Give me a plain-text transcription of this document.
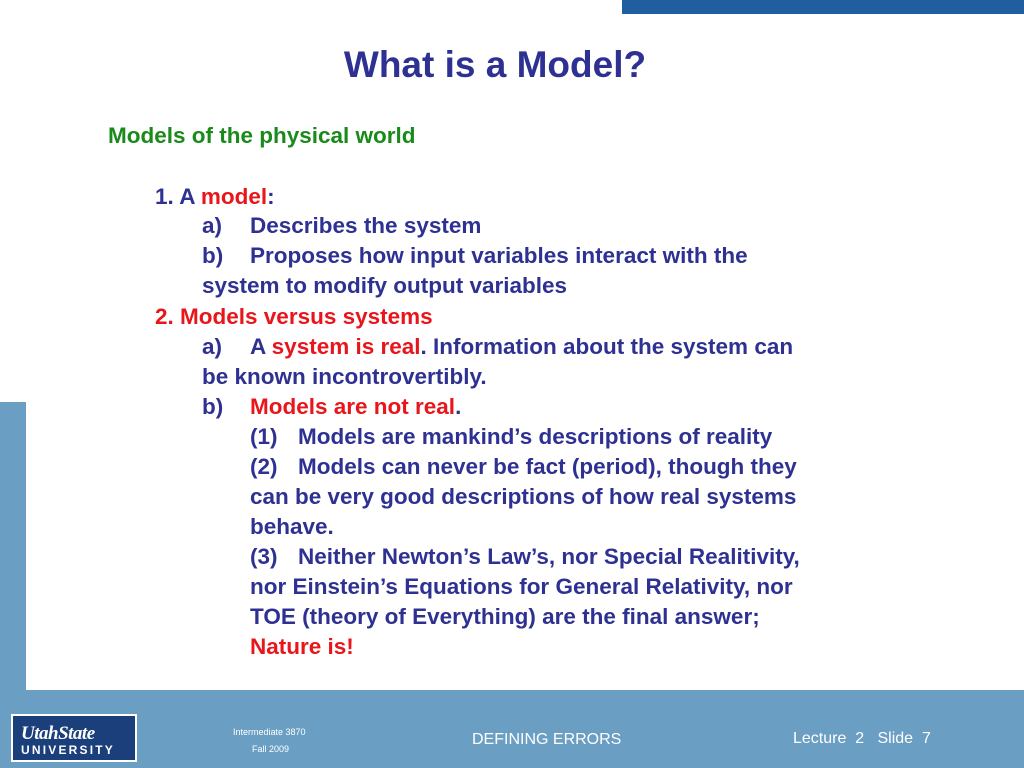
What is a Model?
Models of the physical world
1. A model:
a) Describes the system
b) Proposes how input variables interact with the
system to modify output variables
2. Models versus systems
a) A system is real. Information about the system can
be known incontrovertibly.
b) Models are not real.
(1) Models are mankind’s descriptions of reality
(2) Models can never be fact (period), though they
can be very good descriptions of how real systems
behave.
(3) Neither Newton’s Law’s, nor Special Realitivity,
nor Einstein’s Equations for General Relativity, nor
TOE (theory of Everything) are the final answer;
Nature is!
UtahState
UNIVERSITY
Intermediate 3870
Fall 2009
DEFINING ERRORS	Lecture  2   Slide  7
